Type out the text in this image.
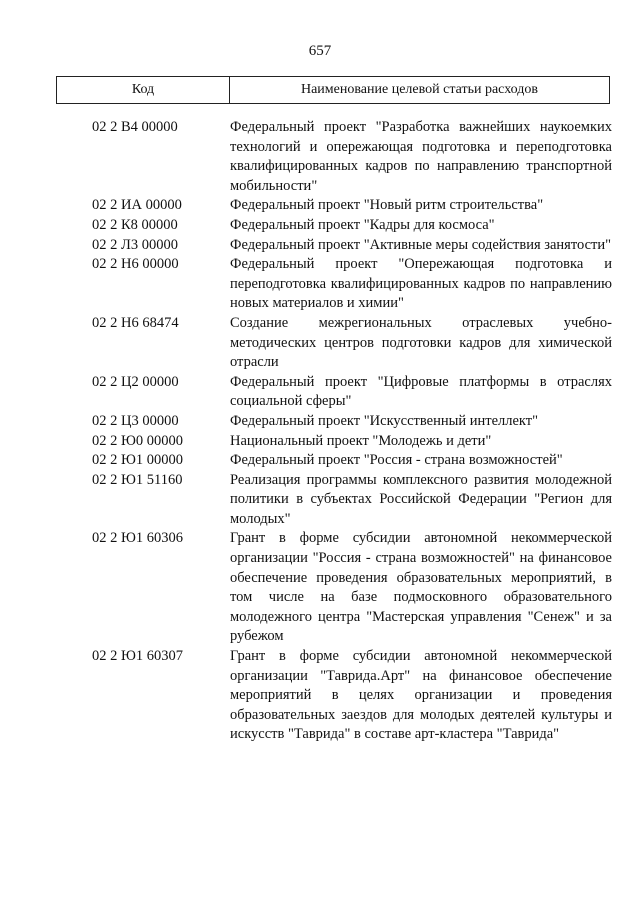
657
Код	Наименование целевой статьи расходов
02 2 В4 00000	Федеральный проект "Разработка важнейших наукоемких технологий и опережающая подготовка и переподготовка квалифицированных кадров по направлению транспортной мобильности"
02 2 ИА 00000	Федеральный проект "Новый ритм строительства"
02 2 К8 00000	Федеральный проект "Кадры для космоса"
02 2 Л3 00000	Федеральный проект "Активные меры содействия занятости"
02 2 Н6 00000	Федеральный проект "Опережающая подготовка и переподготовка квалифицированных кадров по направлению новых материалов и химии"
02 2 Н6 68474	Создание межрегиональных отраслевых учебно-методических центров подготовки кадров для химической отрасли
02 2 Ц2 00000	Федеральный проект "Цифровые платформы в отраслях социальной сферы"
02 2 Ц3 00000	Федеральный проект "Искусственный интеллект"
02 2 Ю0 00000	Национальный проект "Молодежь и дети"
02 2 Ю1 00000	Федеральный проект "Россия - страна возможностей"
02 2 Ю1 51160	Реализация программы комплексного развития молодежной политики в субъектах Российской Федерации "Регион для молодых"
02 2 Ю1 60306	Грант в форме субсидии автономной некоммерческой организации "Россия - страна возможностей" на финансовое обеспечение проведения образовательных мероприятий, в том числе на базе подмосковного образовательного молодежного центра "Мастерская управления "Сенеж" и за рубежом
02 2 Ю1 60307	Грант в форме субсидии автономной некоммерческой организации "Таврида.Арт" на финансовое обеспечение мероприятий в целях организации и проведения образовательных заездов для молодых деятелей культуры и искусств "Таврида" в составе арт-кластера "Таврида"
